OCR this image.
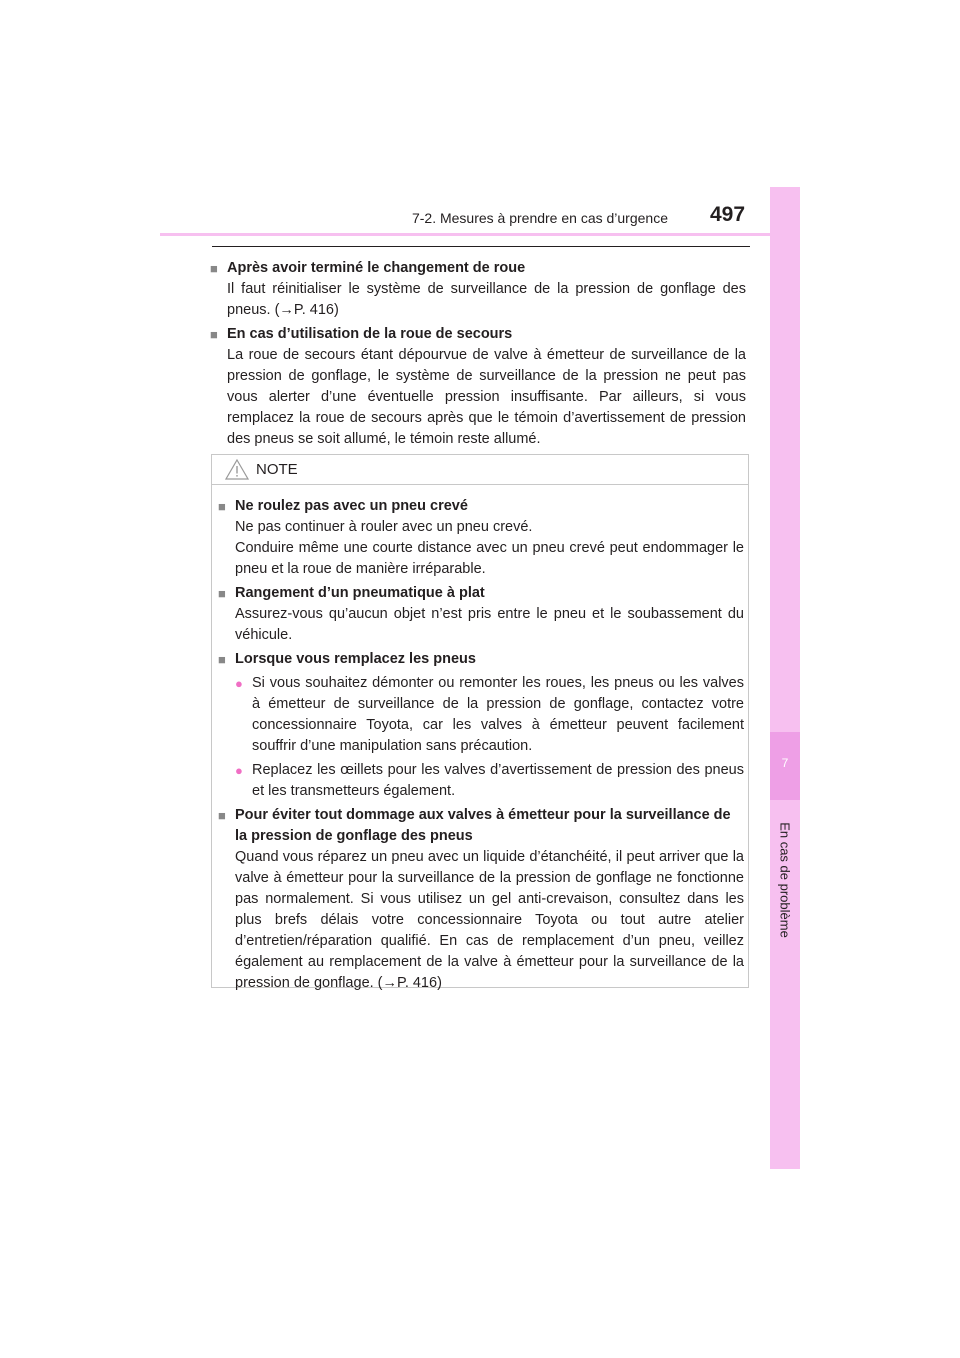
7
En cas de problème
7-2. Mesures à prendre en cas d’urgence 497
■ Après avoir terminé le changement de roue
Il faut réinitialiser le système de surveillance de la pression de gonflage des pneus. (→P. 416)
■ En cas d’utilisation de la roue de secours
La roue de secours étant dépourvue de valve à émetteur de surveillance de la pression de gonflage, le système de surveillance de la pression ne peut pas vous alerter d’une éventuelle pression insuffisante. Par ailleurs, si vous remplacez la roue de secours après que le témoin d’avertissement de pression des pneus se soit allumé, le témoin reste allumé.
NOTE
■ Ne roulez pas avec un pneu crevé
Ne pas continuer à rouler avec un pneu crevé.
Conduire même une courte distance avec un pneu crevé peut endommager le pneu et la roue de manière irréparable.
■ Rangement d’un pneumatique à plat
Assurez-vous qu’aucun objet n’est pris entre le pneu et le soubassement du véhicule.
■ Lorsque vous remplacez les pneus
● Si vous souhaitez démonter ou remonter les roues, les pneus ou les valves à émetteur de surveillance de la pression de gonflage, contactez votre concessionnaire Toyota, car les valves à émetteur peuvent facilement souffrir d’une manipulation sans précaution.
● Replacez les œillets pour les valves d’avertissement de pression des pneus et les transmetteurs également.
■ Pour éviter tout dommage aux valves à émetteur pour la surveillance de la pression de gonflage des pneus
Quand vous réparez un pneu avec un liquide d’étanchéité, il peut arriver que la valve à émetteur pour la surveillance de la pression de gonflage ne fonctionne pas normalement. Si vous utilisez un gel anti-crevaison, consultez dans les plus brefs délais votre concessionnaire Toyota ou tout autre atelier d’entretien/réparation qualifié. En cas de remplacement d’un pneu, veillez également au remplacement de la valve à émetteur pour la surveillance de la pression de gonflage. (→P. 416)
